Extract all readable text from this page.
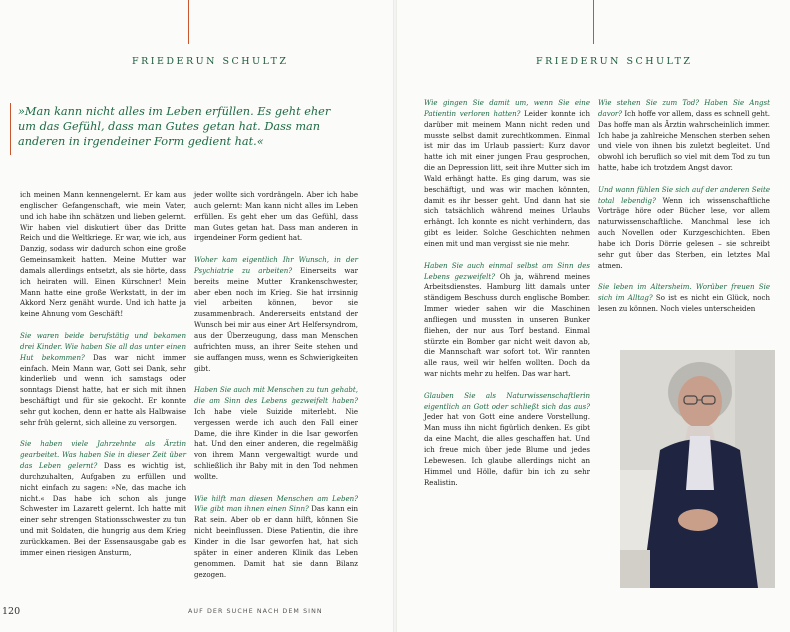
FRIEDERUN SCHULTZ	FRIEDERUN SCHULTZ
»Man kann nicht alles im Leben erfüllen. Es geht eher um das Gefühl, dass man Gutes getan hat. Dass man anderen in irgendeiner Form gedient hat.«

ich meinen Mann kennengelernt. Er kam aus englischer Gefangenschaft, wie mein Vater, und ich habe ihn schätzen und lieben gelernt. Wir haben viel diskutiert über das Dritte Reich und die Weltkriege. Er war, wie ich, aus Danzig, sodass wir dadurch schon eine große Gemeinsamkeit hatten. Meine Mutter war damals allerdings entsetzt, als sie hörte, dass ich heiraten will. Einen Kürschner! Mein Mann hatte eine große Werkstatt, in der im Akkord Nerz genäht wurde. Und ich hatte ja keine Ahnung vom Geschäft!

Sie waren beide berufstätig und bekamen drei Kinder. Wie haben Sie all das unter einen Hut bekommen? Das war nicht immer einfach. Mein Mann war, Gott sei Dank, sehr kinderlieb und wenn ich samstags oder sonntags Dienst hatte, hat er sich mit ihnen beschäftigt und für sie gekocht. Er konnte sehr gut kochen, denn er hatte als Halbwaise sehr früh gelernt, sich alleine zu versorgen.

Sie haben viele Jahrzehnte als Ärztin gearbeitet. Was haben Sie in dieser Zeit über das Leben gelernt? Dass es wichtig ist, durchzuhalten, Aufgaben zu erfüllen und nicht einfach zu sagen: »Ne, das mache ich nicht.« Das habe ich schon als junge Schwester im Lazarett gelernt. Ich hatte mit einer sehr strengen Stationsschwester zu tun und mit Soldaten, die hungrig aus dem Krieg zurückkamen. Bei der Essensausgabe gab es immer einen riesigen Ansturm,

jeder wollte sich vordrängeln. Aber ich habe auch gelernt: Man kann nicht alles im Leben erfüllen. Es geht eher um das Gefühl, dass man Gutes getan hat. Dass man anderen in irgendeiner Form gedient hat.

Woher kam eigentlich Ihr Wunsch, in der Psychiatrie zu arbeiten? Einerseits war bereits meine Mutter Krankenschwester, aber eben noch im Krieg. Sie hat irrsinnig viel arbeiten können, bevor sie zusammenbrach. Andererseits entstand der Wunsch bei mir aus einer Art Helfersyndrom, aus der Überzeugung, dass man Menschen aufrichten muss, an ihrer Seite stehen und sie auffangen muss, wenn es Schwierigkeiten gibt.

Haben Sie auch mit Menschen zu tun gehabt, die am Sinn des Lebens gezweifelt haben? Ich habe viele Suizide miterlebt. Nie vergessen werde ich auch den Fall einer Dame, die ihre Kinder in die Isar geworfen hat. Und den einer anderen, die regelmäßig von ihrem Mann vergewaltigt wurde und schließlich ihr Baby mit in den Tod nehmen wollte.

Wie hilft man diesen Menschen am Leben? Wie gibt man ihnen einen Sinn? Das kann ein Rat sein. Aber ob er dann hilft, können Sie nicht beeinflussen. Diese Patientin, die ihre Kinder in die Isar geworfen hat, hat sich später in einer anderen Klinik das Leben genommen. Damit hat sie dann Bilanz gezogen.

Wie gingen Sie damit um, wenn Sie eine Patientin verloren hatten? Leider konnte ich darüber mit meinem Mann nicht reden und musste selbst damit zurechtkommen. Einmal ist mir das im Urlaub passiert: Kurz davor hatte ich mit einer jungen Frau gesprochen, die an Depression litt, seit ihre Mutter sich im Wald erhängt hatte. Es ging darum, was sie beschäftigt, und was wir machen könnten, damit es ihr besser geht. Und dann hat sie sich tatsächlich während meines Urlaubs erhängt. Ich konnte es nicht verhindern, das gibt es leider. Solche Geschichten nehmen einen mit und man vergisst sie nie mehr.

Haben Sie auch einmal selbst am Sinn des Lebens gezweifelt? Oh ja, während meines Arbeitsdienstes. Hamburg litt damals unter ständigem Beschuss durch englische Bomber. Immer wieder sahen wir die Maschinen anfliegen und mussten in unseren Bunker fliehen, der nur aus Torf bestand. Einmal stürzte ein Bomber gar nicht weit davon ab, die Mannschaft war sofort tot. Wir rannten alle raus, weil wir helfen wollten. Doch da war nichts mehr zu helfen. Das war hart.

Glauben Sie als Naturwissenschaftlerin eigentlich an Gott oder schließt sich das aus? Jeder hat von Gott eine andere Vorstellung. Man muss ihn nicht figürlich denken. Es gibt da eine Macht, die alles geschaffen hat. Und ich freue mich über jede Blume und jedes Lebewesen. Ich glaube allerdings nicht an Himmel und Hölle, dafür bin ich zu sehr Realistin.

Wie stehen Sie zum Tod? Haben Sie Angst davor? Ich hoffe vor allem, dass es schnell geht. Das hoffe man als Ärztin wahrscheinlich immer. Ich habe ja zahlreiche Menschen sterben sehen und viele von ihnen bis zuletzt begleitet. Und obwohl ich beruflich so viel mit dem Tod zu tun hatte, habe ich trotzdem Angst davor.

Und wann fühlen Sie sich auf der anderen Seite total lebendig? Wenn ich wissenschaftliche Vorträge höre oder Bücher lese, vor allem naturwissenschaftliche. Manchmal lese ich auch Novellen oder Kurzgeschichten. Eben habe ich Doris Dörrie gelesen – sie schreibt sehr gut über das Sterben, ein letztes Mal atmen.

Sie leben im Altersheim. Worüber freuen Sie sich im Alltag? So ist es nicht ein Glück, noch lesen zu können. Noch vieles unterscheiden

120	AUF DER SUCHE NACH DEM SINN
